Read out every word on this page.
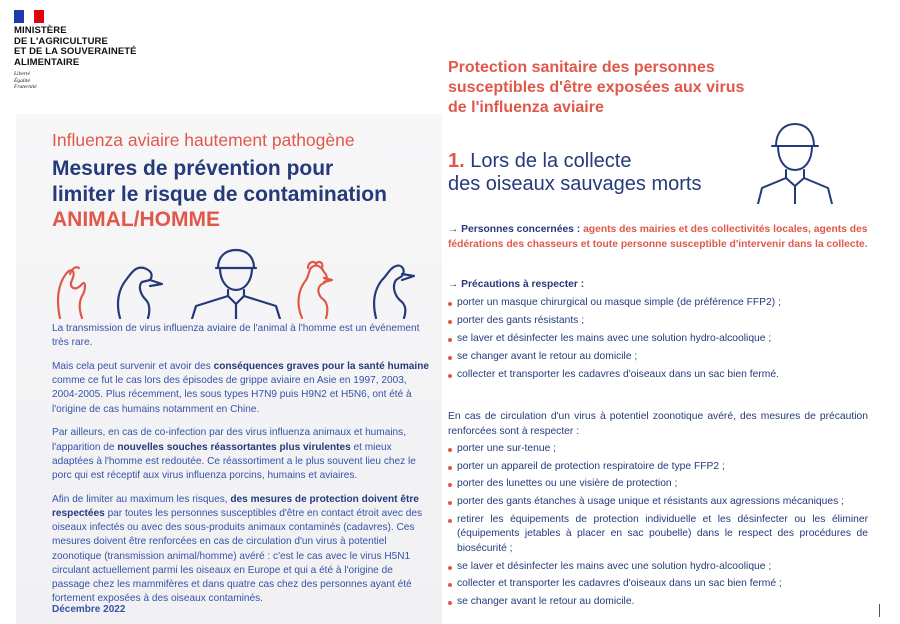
MINISTÈRE
DE L'AGRICULTURE
ET DE LA SOUVERAINETÉ
ALIMENTAIRE
Liberté
Égalité
Fraternité
Influenza aviaire hautement pathogène
Mesures de prévention pour
limiter le risque de contamination
ANIMAL/HOMME

La transmission de virus influenza aviaire de l'animal à l'homme est un événement très rare.

Mais cela peut survenir et avoir des conséquences graves pour la santé humaine comme ce fut le cas lors des épisodes de grippe aviaire en Asie en 1997, 2003, 2004-2005. Plus récemment, les sous types H7N9 puis H9N2 et H5N6, ont été à l'origine de cas humains notamment en Chine.

Par ailleurs, en cas de co-infection par des virus influenza animaux et humains, l'apparition de nouvelles souches réassortantes plus virulentes et mieux adaptées à l'homme est redoutée. Ce réassortiment a le plus souvent lieu chez le porc qui est réceptif aux virus influenza porcins, humains et aviaires.

Afin de limiter au maximum les risques, des mesures de protection doivent être respectées par toutes les personnes susceptibles d'être en contact étroit avec des oiseaux infectés ou avec des sous-produits animaux contaminés (cadavres). Ces mesures doivent être renforcées en cas de circulation d'un virus à potentiel zoonotique (transmission animal/homme) avéré : c'est le cas avec le virus H5N1 circulant actuellement parmi les oiseaux en Europe et qui a été à l'origine de passage chez les mammifères et dans quatre cas chez des personnes ayant été fortement exposées à des oiseaux contaminés.

Décembre 2022
Protection sanitaire des personnes
susceptibles d'être exposées aux virus
de l'influenza aviaire
1. Lors de la collecte
des oiseaux sauvages morts
→ Personnes concernées : agents des mairies et des collectivités locales, agents des fédérations des chasseurs et toute personne susceptible d'intervenir dans la collecte.
→ Précautions à respecter :
porter un masque chirurgical ou masque simple (de préférence FFP2) ;
porter des gants résistants ;
se laver et désinfecter les mains avec une solution hydro-alcoolique ;
se changer avant le retour au domicile ;
collecter et transporter les cadavres d'oiseaux dans un sac bien fermé.
En cas de circulation d'un virus à potentiel zoonotique avéré, des mesures de précaution renforcées sont à respecter :
porter une sur-tenue ;
porter un appareil de protection respiratoire de type FFP2 ;
porter des lunettes ou une visière de protection ;
porter des gants étanches à usage unique et résistants aux agressions mécaniques ;
retirer les équipements de protection individuelle et les désinfecter ou les éliminer (équipements jetables à placer en sac poubelle) dans le respect des procédures de biosécurité ;
se laver et désinfecter les mains avec une solution hydro-alcoolique ;
collecter et transporter les cadavres d'oiseaux dans un sac bien fermé ;
se changer avant le retour au domicile.
